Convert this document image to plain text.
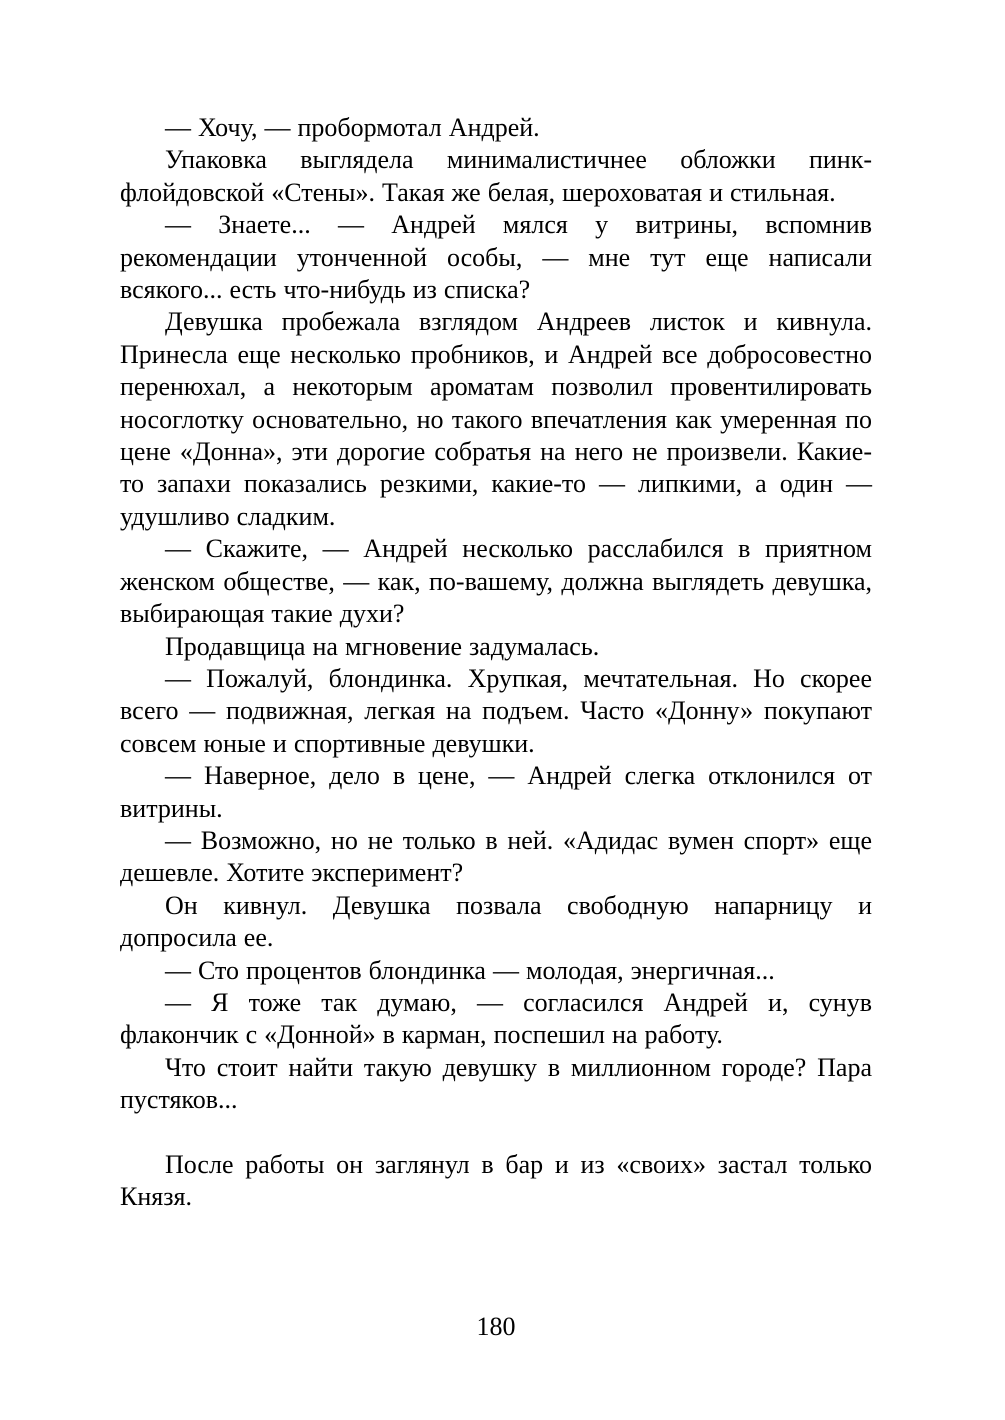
— Хочу, — пробормотал Андрей.

Упаковка выглядела минималистичнее обложки пинк-флойдовской «Стены». Такая же белая, шероховатая и стильная.

— Знаете... — Андрей мялся у витрины, вспомнив рекомендации утонченной особы, — мне тут еще написали всякого... есть что-нибудь из списка?

Девушка пробежала взглядом Андреев листок и кивнула. Принесла еще несколько пробников, и Андрей все добросовестно перенюхал, а некоторым ароматам позволил провентилировать носоглотку основательно, но такого впечатления как умеренная по цене «Донна», эти дорогие собратья на него не произвели. Какие-то запахи показались резкими, какие-то — липкими, а один — удушливо сладким.

— Скажите, — Андрей несколько расслабился в приятном женском обществе, — как, по-вашему, должна выглядеть девушка, выбирающая такие духи?

Продавщица на мгновение задумалась.

— Пожалуй, блондинка. Хрупкая, мечтательная. Но скорее всего — подвижная, легкая на подъем. Часто «Донну» покупают совсем юные и спортивные девушки.

— Наверное, дело в цене, — Андрей слегка отклонился от витрины.

— Возможно, но не только в ней. «Адидас вумен спорт» еще дешевле. Хотите эксперимент?

Он кивнул. Девушка позвала свободную напарницу и допросила ее.

— Сто процентов блондинка — молодая, энергичная...

— Я тоже так думаю, — согласился Андрей и, сунув флакончик с «Донной» в карман, поспешил на работу.

Что стоит найти такую девушку в миллионном городе? Пара пустяков...

После работы он заглянул в бар и из «своих» застал только Князя.

180
